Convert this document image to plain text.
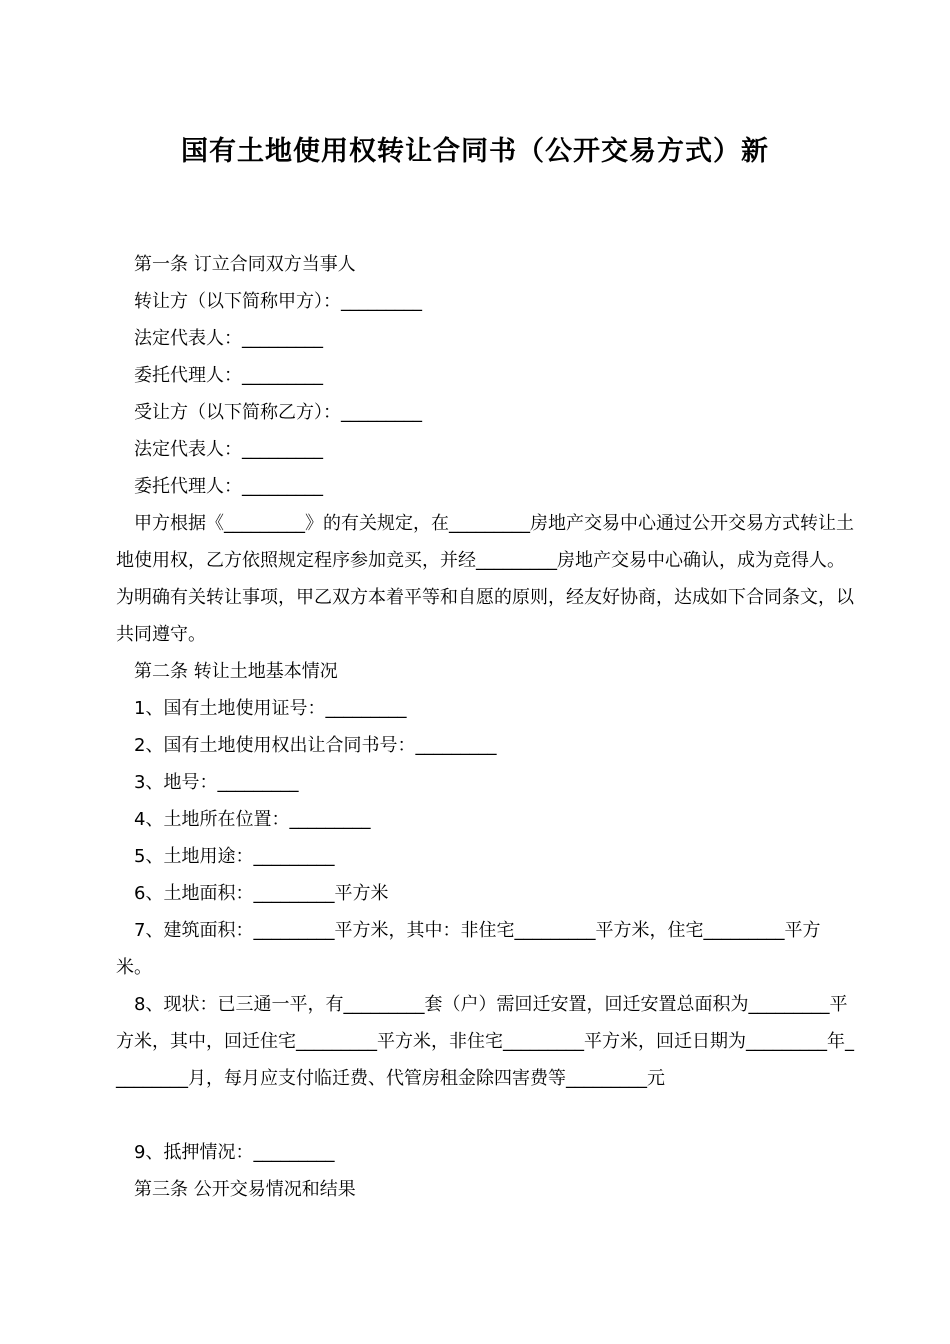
国有土地使用权转让合同书（公开交易方式）新

第一条 订立合同双方当事人

转让方（以下简称甲方）：_________

法定代表人：_________

委托代理人：_________

受让方（以下简称乙方）：_________

法定代表人：_________

委托代理人：_________

甲方根据《_________》的有关规定，在_________房地产交易中心通过公开交易方式转让土地使用权，乙方依照规定程序参加竞买，并经_________房地产交易中心确认，成为竞得人。为明确有关转让事项，甲乙双方本着平等和自愿的原则，经友好协商，达成如下合同条文，以共同遵守。

第二条 转让土地基本情况

1、国有土地使用证号：_________

2、国有土地使用权出让合同书号：_________

3、地号：_________

4、土地所在位置：_________

5、土地用途：_________

6、土地面积：_________平方米

7、建筑面积：_________平方米，其中：非住宅_________平方米，住宅_________平方米。

8、现状：已三通一平，有_________套（户）需回迁安置，回迁安置总面积为_________平方米，其中，回迁住宅_________平方米，非住宅_________平方米，回迁日期为_________年_________月，每月应支付临迁费、代管房租金除四害费等_________元

9、抵押情况：_________

第三条 公开交易情况和结果
